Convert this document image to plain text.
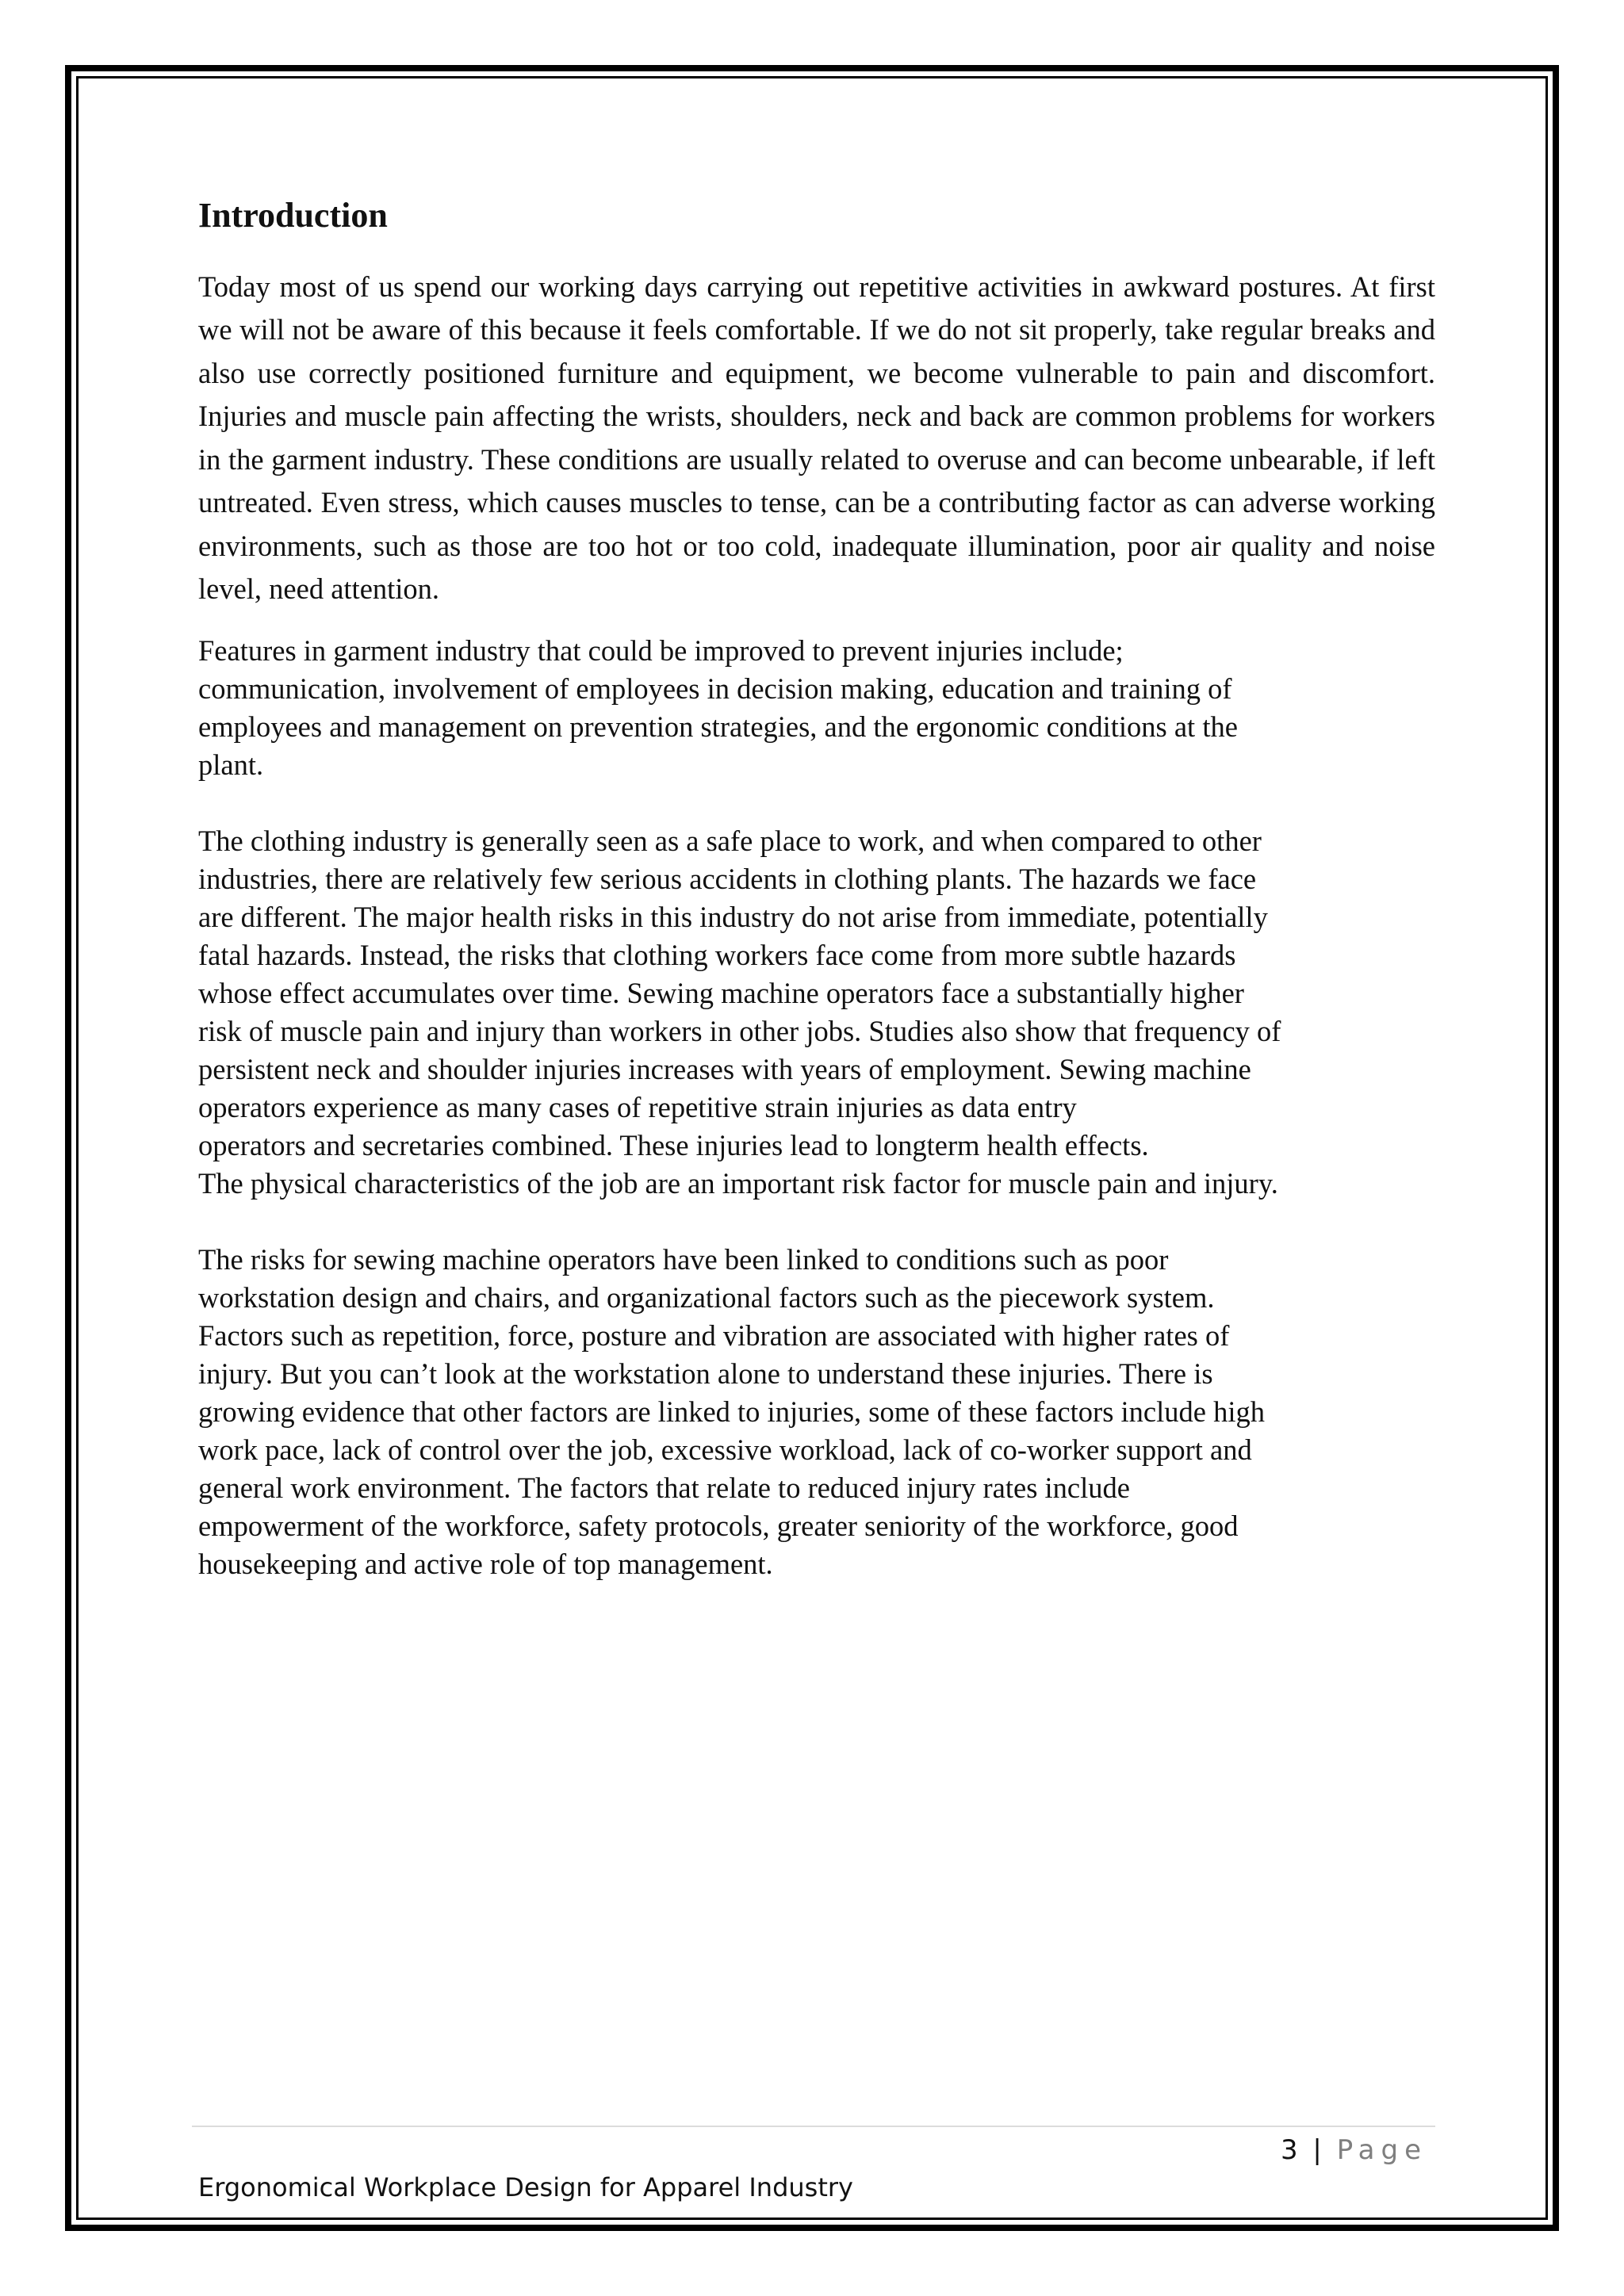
Introduction

Today most of us spend our working days carrying out repetitive activities in awkward postures. At first we will not be aware of this because it feels comfortable. If we do not sit properly, take regular breaks and also use correctly positioned furniture and equipment, we become vulnerable to pain and discomfort. Injuries and muscle pain affecting the wrists, shoulders, neck and back are common problems for workers in the garment industry. These conditions are usually related to overuse and can become unbearable, if left untreated. Even stress, which causes muscles to tense, can be a contributing factor as can adverse working environments, such as those are too hot or too cold, inadequate illumination, poor air quality and noise level, need attention.

Features in garment industry that could be improved to prevent injuries include;
communication, involvement of employees in decision making, education and training of
employees and management on prevention strategies, and the ergonomic conditions at the
plant.

The clothing industry is generally seen as a safe place to work, and when compared to other
industries, there are relatively few serious accidents in clothing plants. The hazards we face
are different. The major health risks in this industry do not arise from immediate, potentially
fatal hazards. Instead, the risks that clothing workers face come from more subtle hazards
whose effect accumulates over time. Sewing machine operators face a substantially higher
risk of muscle pain and injury than workers in other jobs. Studies also show that frequency of
persistent neck and shoulder injuries increases with years of employment. Sewing machine
operators experience as many cases of repetitive strain injuries as data entry
operators and secretaries combined. These injuries lead to longterm health effects.
The physical characteristics of the job are an important risk factor for muscle pain and injury.

The risks for sewing machine operators have been linked to conditions such as poor
workstation design and chairs, and organizational factors such as the piecework system.
Factors such as repetition, force, posture and vibration are associated with higher rates of
injury. But you can’t look at the workstation alone to understand these injuries. There is
growing evidence that other factors are linked to injuries, some of these factors include high
work pace, lack of control over the job, excessive workload, lack of co-worker support and
general work environment. The factors that relate to reduced injury rates include
empowerment of the workforce, safety protocols, greater seniority of the workforce, good
housekeeping and active role of top management.

3 | Page
Ergonomical Workplace Design for Apparel Industry
